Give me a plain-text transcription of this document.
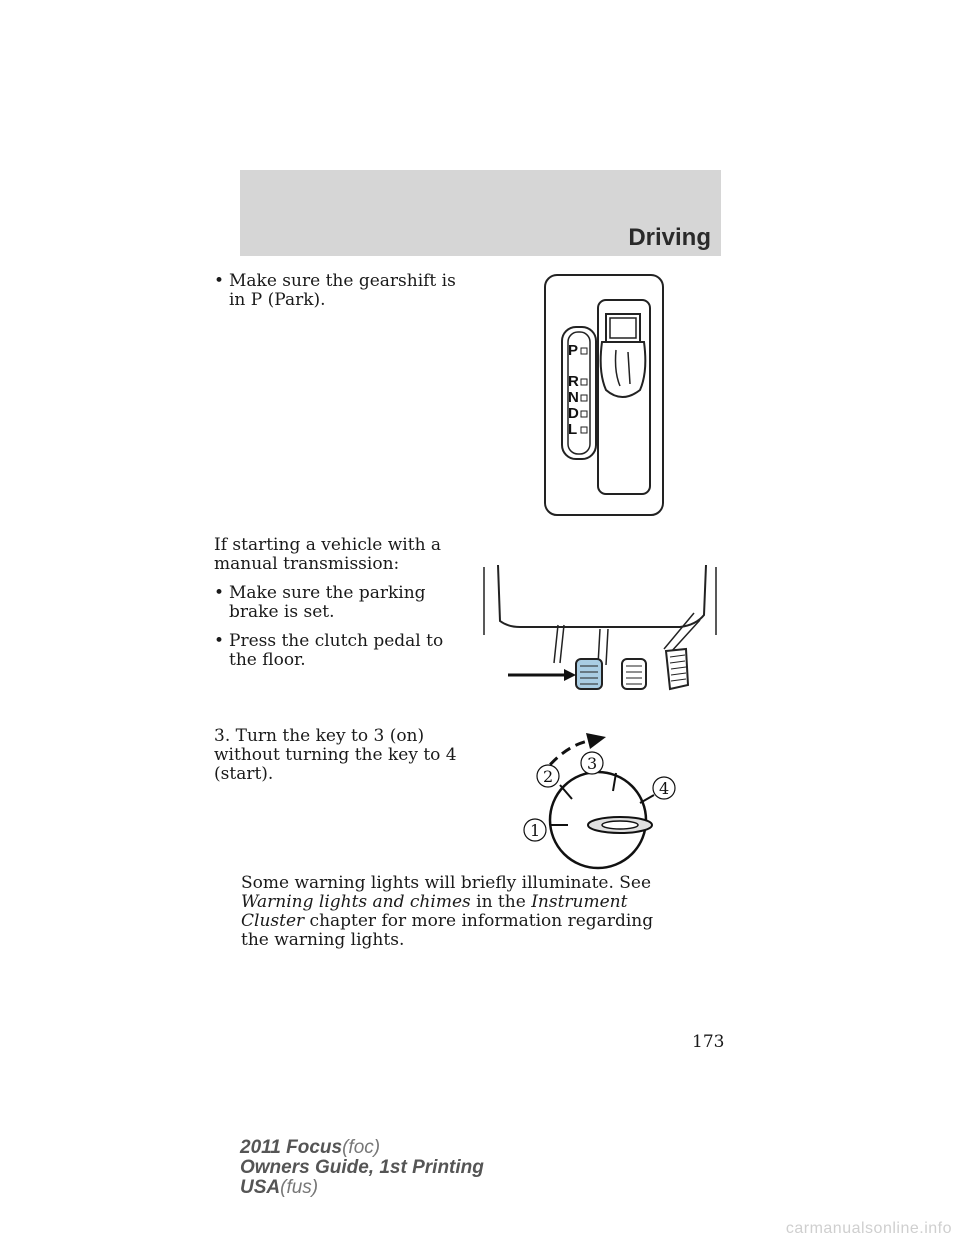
Driving
• Make sure the gearshift is in P (Park).
P
R
N
D
L
If starting a vehicle with a manual transmission:
• Make sure the parking brake is set.
• Press the clutch pedal to the floor.
3. Turn the key to 3 (on) without turning the key to 4 (start).
1
2
3
4
Some warning lights will briefly illuminate. See Warning lights and chimes in the Instrument Cluster chapter for more information regarding the warning lights.
173
2011 Focus(foc)
Owners Guide, 1st Printing
USA(fus)
carmanualsonline.info
